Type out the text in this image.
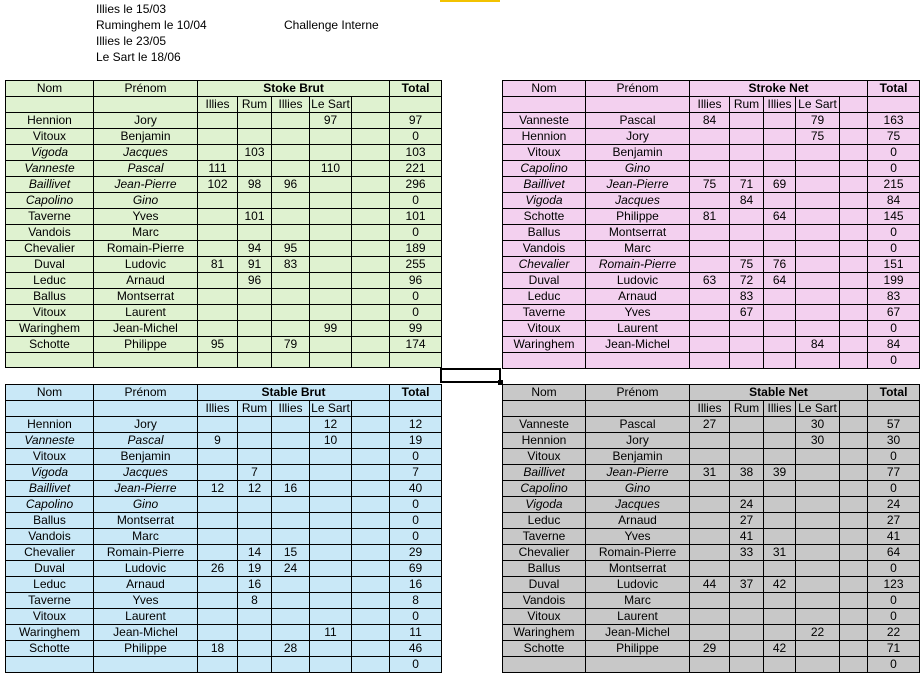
Illies le 15/03
Ruminghem le 10/04
Illies le 23/05
Le Sart le 18/06
Challenge Interne
Nom	Prénom	Stoke Brut					Total
		Illies	Rum	Illies	Le Sart		
Hennion	Jory				97		97
Vitoux	Benjamin						0
Vigoda	Jacques		103				103
Vanneste	Pascal	111			110		221
Baillivet	Jean-Pierre	102	98	96			296
Capolino	Gino						0
Taverne	Yves		101				101
Vandois	Marc						0
Chevalier	Romain-Pierre		94	95			189
Duval	Ludovic	81	91	83			255
Leduc	Arnaud		96				96
Ballus	Montserrat						0
Vitoux	Laurent						0
Waringhem	Jean-Michel				99		99
Schotte	Philippe	95		79			174

Nom	Prénom	Stroke Net					Total
		Illies	Rum	Illies	Le Sart		
Vanneste	Pascal	84			79		163
Hennion	Jory				75		75
Vitoux	Benjamin						0
Capolino	Gino						0
Baillivet	Jean-Pierre	75	71	69			215
Vigoda	Jacques		84				84
Schotte	Philippe	81		64			145
Ballus	Montserrat						0
Vandois	Marc						0
Chevalier	Romain-Pierre		75	76			151
Duval	Ludovic	63	72	64			199
Leduc	Arnaud		83				83
Taverne	Yves		67				67
Vitoux	Laurent						0
Waringhem	Jean-Michel				84		84
							0
Nom	Prénom	Stable Brut					Total
		Illies	Rum	Illies	Le Sart		
Hennion	Jory				12		12
Vanneste	Pascal	9			10		19
Vitoux	Benjamin						0
Vigoda	Jacques		7				7
Baillivet	Jean-Pierre	12	12	16			40
Capolino	Gino						0
Ballus	Montserrat						0
Vandois	Marc						0
Chevalier	Romain-Pierre		14	15			29
Duval	Ludovic	26	19	24			69
Leduc	Arnaud		16				16
Taverne	Yves		8				8
Vitoux	Laurent						0
Waringhem	Jean-Michel				11		11
Schotte	Philippe	18		28			46
							0
Nom	Prénom	Stable Net					Total
		Illies	Rum	Illies	Le Sart		
Vanneste	Pascal	27			30		57
Hennion	Jory				30		30
Vitoux	Benjamin						0
Baillivet	Jean-Pierre	31	38	39			77
Capolino	Gino						0
Vigoda	Jacques		24				24
Leduc	Arnaud		27				27
Taverne	Yves		41				41
Chevalier	Romain-Pierre		33	31			64
Ballus	Montserrat						0
Duval	Ludovic	44	37	42			123
Vandois	Marc						0
Vitoux	Laurent						0
Waringhem	Jean-Michel				22		22
Schotte	Philippe	29		42			71
							0
